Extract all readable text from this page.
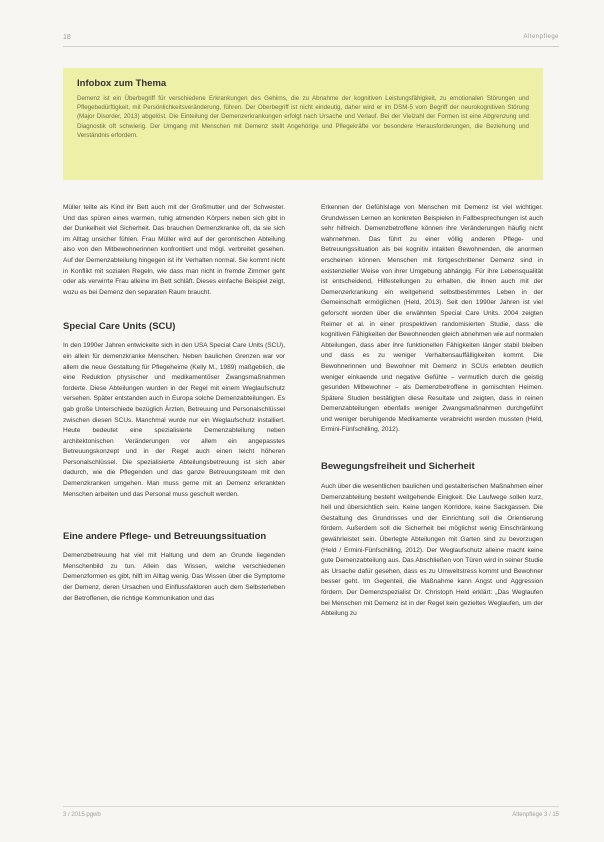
18	Altenpflege
Infobox zum Thema
Demenz ist ein Überbegriff für verschiedene Erkrankungen des Gehirns, die zu Abnahme der kognitiven Leistungsfähigkeit, zu emotionalen Störungen und Pflegebedürftigkeit, mit Persönlichkeitsveränderung, führen. Der Oberbegriff ist nicht eindeutig, daher wird er im DSM-5 vom Begriff der neurokognitiven Störung (Major Disorder, 2013) abgelöst. Die Einteilung der Demenzerkrankungen erfolgt nach Ursache und Verlauf. Bei der Vielzahl der Formen ist eine Abgrenzung und Diagnostik oft schwierig. Der Umgang mit Menschen mit Demenz stellt Angehörige und Pflegekräfte vor besondere Herausforderungen, die Beziehung und Verständnis erfordern.

Müller teilte als Kind ihr Bett auch mit der Großmutter und der Schwester. Und das spüren eines warmen, ruhig atmenden Körpers neben sich gibt in der Dunkelheit viel Sicherheit. Das brauchen Demenzkranke oft, da sie sich im Alltag unsicher fühlen. Frau Müller wird auf der gerontischen Abteilung also von den Mitbewohnerinnen konfrontiert und mögl. verbreitet gesehen. Auf der Demenzabteilung hingegen ist ihr Verhalten normal. Sie kommt nicht in Konflikt mit sozialen Regeln, wie dass man nicht in fremde Zimmer geht oder als verwirrte Frau alleine im Bett schläft. Dieses einfache Beispiel zeigt, wozu es bei Demenz den separaten Raum braucht.

Special Care Units (SCU)

In den 1990er Jahren entwickelte sich in den USA Special Care Units (SCU), ein allein für demenzkranke Menschen. Neben baulichen Grenzen war vor allem die neue Gestaltung für Pflegeheime (Kelly M., 1989) maßgeblich, die eine Reduktion physischer und medikamentöser Zwangsmaßnahmen forderte. Diese Abteilungen wurden in der Regel mit einem Weglaufschutz versehen. Später entstanden auch in Europa solche Demenzabteilungen. Es gab große Unterschiede bezüglich Ärzten, Betreuung und Personalschlüssel zwischen diesen SCUs. Manchmal wurde nur ein Weglaufschutz installiert. Heute bedeutet eine spezialisierte Demenzabteilung neben architektonischen Veränderungen vor allem ein angepasstes Betreuungskonzept und in der Regel auch einen leicht höheren Personalschlüssel. Die spezialisierte Abteilungsbetreuung ist sich aber dadurch, wie die Pflegenden und das ganze Betreuungsteam mit den Demenzkranken umgehen. Man muss gerne mit an Demenz erkrankten Menschen arbeiten und das Personal muss geschult werden.

Eine andere Pflege- und Betreuungssituation

Demenzbetreuung hat viel mit Haltung und dem an Grunde liegenden Menschenbild zu tun. Allein das Wissen, welche verschiedenen Demenzformen es gibt, hilft im Alltag wenig. Das Wissen über die Symptome der Demenz, deren Ursachen und Einflussfaktoren auch dem Selbsterleben der Betroffenen, die richtige Kommunikation und das

Erkennen der Gefühlslage von Menschen mit Demenz ist viel wichtiger. Grundwissen Lernen an konkreten Beispielen in Fallbesprechungen ist auch sehr hilfreich. Demenzbetroffene können ihre Veränderungen häufig nicht wahrnehmen. Das führt zu einer völlig anderen Pflege- und Betreuungssituation als bei kognitiv intakten Bewohnenden, die anormen erscheinen können. Menschen mit fortgeschrittener Demenz sind in existenzieller Weise von ihrer Umgebung abhängig. Für ihre Lebensqualität ist entscheidend, Hilfestellungen zu erhalten, die ihnen auch mit der Demenzerkrankung ein weitgehend selbstbestimmtes Leben in der Gemeinschaft ermöglichen (Held, 2013). Seit den 1990er Jahren ist viel geforscht worden über die erwähnten Special Care Units. 2004 zeigten Reimer et al. in einer prospektiven randomisierten Studie, dass die kognitiven Fähigkeiten der Bewohnenden gleich abnehmen wie auf normalen Abteilungen, dass aber ihre funktionellen Fähigkeiten länger stabil bleiben und dass es zu weniger Verhaltensauffälligkeiten kommt. Die Bewohnerinnen und Bewohner mit Demenz in SCUs erlebten deutlich weniger einkaende und negative Gefühle – vermutlich durch die geistig gesunden Mitbewohner – als Demenzbetroffene in gemischten Heimen. Spätere Studien bestätigten diese Resultate und zeigten, dass in reinen Demenzabteilungen ebenfalls weniger Zwangsmaßnahmen durchgeführt und weniger beruhigende Medikamente verabreicht werden mussten (Held, Ermini-Fünfschilling, 2012).

Bewegungsfreiheit und Sicherheit

Auch über die wesentlichen baulichen und gestalterischen Maßnahmen einer Demenzabteilung besteht weitgehende Einigkeit. Die Laufwege sollen kurz, hell und übersichtlich sein. Keine langen Korridore, keine Sackgassen. Die Gestaltung des Grundrisses und der Einrichtung soll die Orientierung fördern. Außerdem soll die Sicherheit bei möglichst wenig Einschränkung gewährleistet sein. Überlegte Abteilungen mit Garten sind zu bevorzugen (Held / Ermini-Fünfschilling, 2012). Der Weglaufschutz alleine macht keine gute Demenzabteilung aus. Das Abschließen von Türen wird in seiner Studie als Ursache dafür gesehen, dass es zu Umweltstress kommt und Bewohner besser geht. Im Gegenteil, die Maßnahme kann Angst und Aggression fördern. Der Demenzspezialist Dr. Christoph Held erklärt: „Das Weglaufen bei Menschen mit Demenz ist in der Regel kein gezieltes Weglaufen, um der Abteilung zu

3 / 2015 pgwb	Altenpflege 3 / 15
